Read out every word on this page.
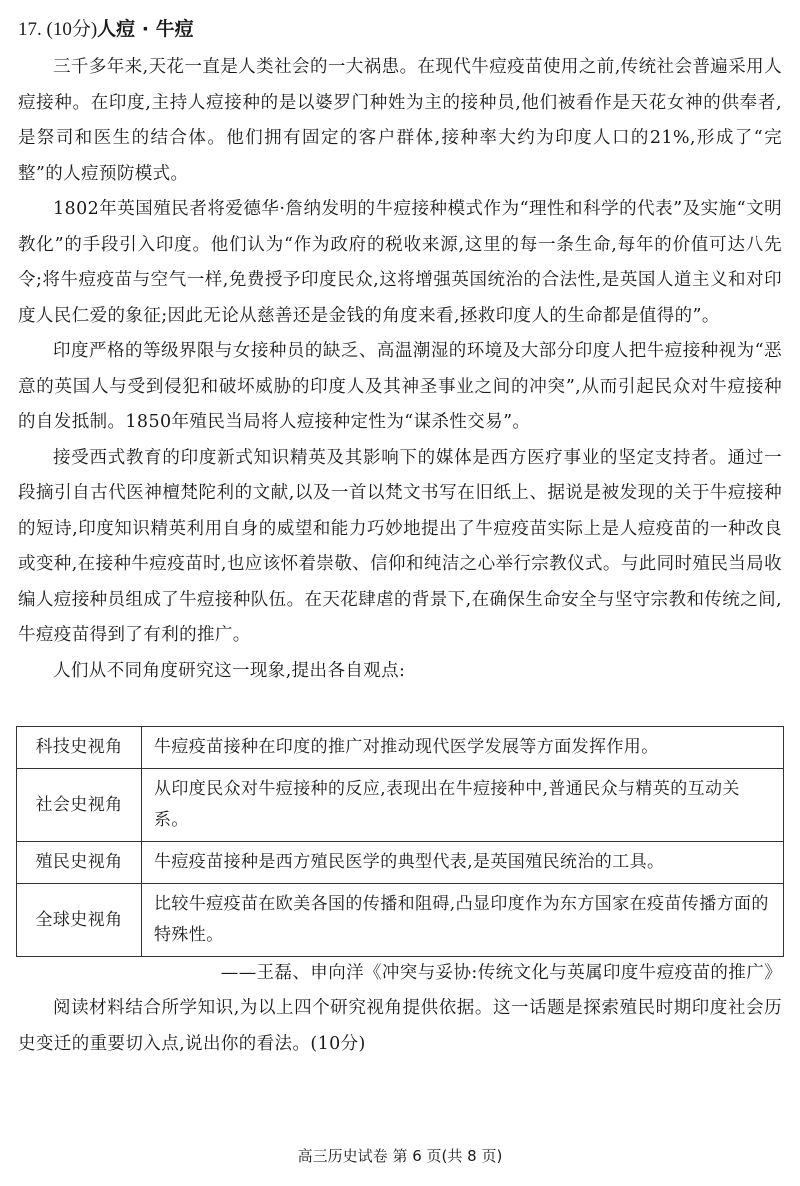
17. (10分)人痘 · 牛痘

三千多年来,天花一直是人类社会的一大祸患。在现代牛痘疫苗使用之前,传统社会普遍采用人痘接种。在印度,主持人痘接种的是以婆罗门种姓为主的接种员,他们被看作是天花女神的供奉者,是祭司和医生的结合体。他们拥有固定的客户群体,接种率大约为印度人口的21%,形成了“完整”的人痘预防模式。

1802年英国殖民者将爱德华·詹纳发明的牛痘接种模式作为“理性和科学的代表”及实施“文明教化”的手段引入印度。他们认为“作为政府的税收来源,这里的每一条生命,每年的价值可达八先令;将牛痘疫苗与空气一样,免费授予印度民众,这将增强英国统治的合法性,是英国人道主义和对印度人民仁爱的象征;因此无论从慈善还是金钱的角度来看,拯救印度人的生命都是值得的”。

印度严格的等级界限与女接种员的缺乏、高温潮湿的环境及大部分印度人把牛痘接种视为“恶意的英国人与受到侵犯和破坏威胁的印度人及其神圣事业之间的冲突”,从而引起民众对牛痘接种的自发抵制。1850年殖民当局将人痘接种定性为“谋杀性交易”。

接受西式教育的印度新式知识精英及其影响下的媒体是西方医疗事业的坚定支持者。通过一段摘引自古代医神檀梵陀利的文献,以及一首以梵文书写在旧纸上、据说是被发现的关于牛痘接种的短诗,印度知识精英利用自身的威望和能力巧妙地提出了牛痘疫苗实际上是人痘疫苗的一种改良或变种,在接种牛痘疫苗时,也应该怀着崇敬、信仰和纯洁之心举行宗教仪式。与此同时殖民当局收编人痘接种员组成了牛痘接种队伍。在天花肆虐的背景下,在确保生命安全与坚守宗教和传统之间,牛痘疫苗得到了有利的推广。

人们从不同角度研究这一现象,提出各自观点:

科技史视角	牛痘疫苗接种在印度的推广对推动现代医学发展等方面发挥作用。
社会史视角	从印度民众对牛痘接种的反应,表现出在牛痘接种中,普通民众与精英的互动关系。
殖民史视角	牛痘疫苗接种是西方殖民医学的典型代表,是英国殖民统治的工具。
全球史视角	比较牛痘疫苗在欧美各国的传播和阻碍,凸显印度作为东方国家在疫苗传播方面的特殊性。
——王磊、申向洋《冲突与妥协:传统文化与英属印度牛痘疫苗的推广》

阅读材料结合所学知识,为以上四个研究视角提供依据。这一话题是探索殖民时期印度社会历史变迁的重要切入点,说出你的看法。(10分)

高三历史试卷 第 6 页(共 8 页)
